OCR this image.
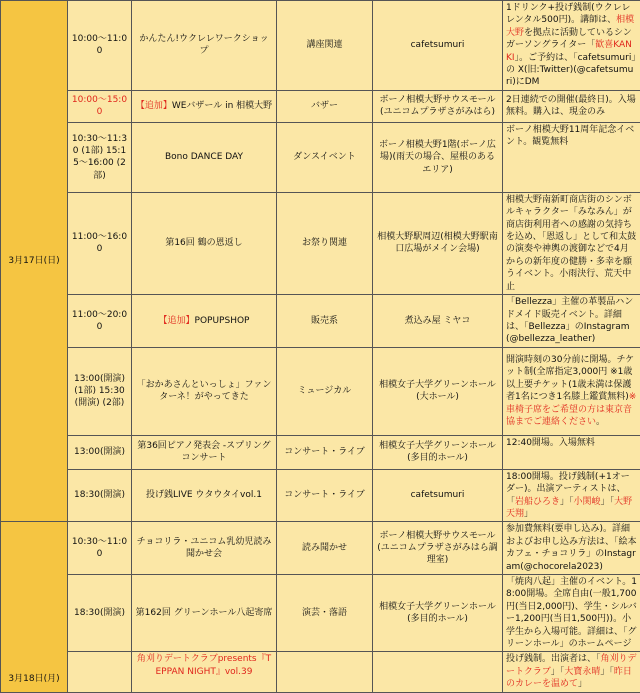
3月17日(日)	10:00～11:00	かんたん!ウクレレワークショップ	講座関連	cafetsumuri	1ドリンク+投げ銭制(ウクレレレンタル500円)。講師は、相模大野を拠点に活動しているシンガーソングライター「歓喜KANKI」。ご予約は、「cafetsumuri」の X(旧:Twitter)(@cafetsumuri)にDM
	10:00～15:00	【追加】WEバザール in 相模大野	バザー	ボーノ相模大野サウスモール(ユニコムプラザさがみはら)	2日連続での開催(最終日)。入場無料。購入は、現金のみ
	10:30～11:30 (1部) 15:15～16:00 (2部)	Bono DANCE DAY	ダンスイベント	ボーノ相模大野1階(ボーノ広場)(雨天の場合、屋根のあるエリア)	ボーノ相模大野11周年記念イベント。観覧無料
	11:00～16:00	第16回 鶴の恩返し	お祭り関連	相模大野駅周辺(相模大野駅南口広場がメイン会場)	相模大野南新町商店街のシンボルキャラクター「みなみん」が商店街利用者への感謝の気持ちを込め、「恩返し」として和太鼓の演奏や神輿の渡御などで4月からの新年度の健勝・多幸を願うイベント。小雨決行、荒天中止
	11:00～20:00	【追加】POPUPSHOP	販売系	煮込み屋 ミヤコ	「Bellezza」主催の革製品ハンドメイド販売イベント。詳細は、「Bellezza」のInstagram(@bellezza_leather)
	13:00(開演) (1部) 15:30(開演) (2部)	「おかあさんといっしょ」ファンターネ！がやってきた	ミュージカル	相模女子大学グリーンホール(大ホール)	開演時刻の30分前に開場。チケット制(全席指定3,000円 ※1歳以上要チケット(1歳未満は保護者1名につき1名膝上鑑賞無料)※車椅子席をご希望の方は東京音協までご連絡ください。
	13:00(開演)	第36回ピアノ発表会 -スプリングコンサート	コンサート・ライブ	相模女子大学グリーンホール(多目的ホール)	12:40開場。入場無料
	18:30(開演)	投げ銭LIVE ウタウタイvol.1	コンサート・ライブ	cafetsumuri	18:00開場。投げ銭制(+1オーダー)。出演アーティストは、「岩船ひろき」「小関峻」「大野天翔」
3月18日(月)	10:30～11:00	チョコリラ・ユニコム乳幼児読み聞かせ会	読み聞かせ	ボーノ相模大野サウスモール(ユニコムプラザさがみはら調理室)	参加費無料(要申し込み)。詳細およびお申し込み方法は、「絵本カフェ・チョコリラ」のInstagram(@chocorela2023)
	18:30(開演)	第162回 グリーンホール八起寄席	演芸・落語	相模女子大学グリーンホール(多目的ホール)	「焼肉八起」主催のイベント。18:00開場。全席自由(一般1,700円(当日2,000円)、学生・シルバー1,200円(当日1,500円))。小学生から入場可能。詳細は、「グリーンホール」のホームページ
		角刈りデートクラブpresents『TEPPAN NIGHT』vol.39			投げ銭制。出演者は、「角刈りデートクラブ」「大寶永晴」「昨日のカレーを温めて」
